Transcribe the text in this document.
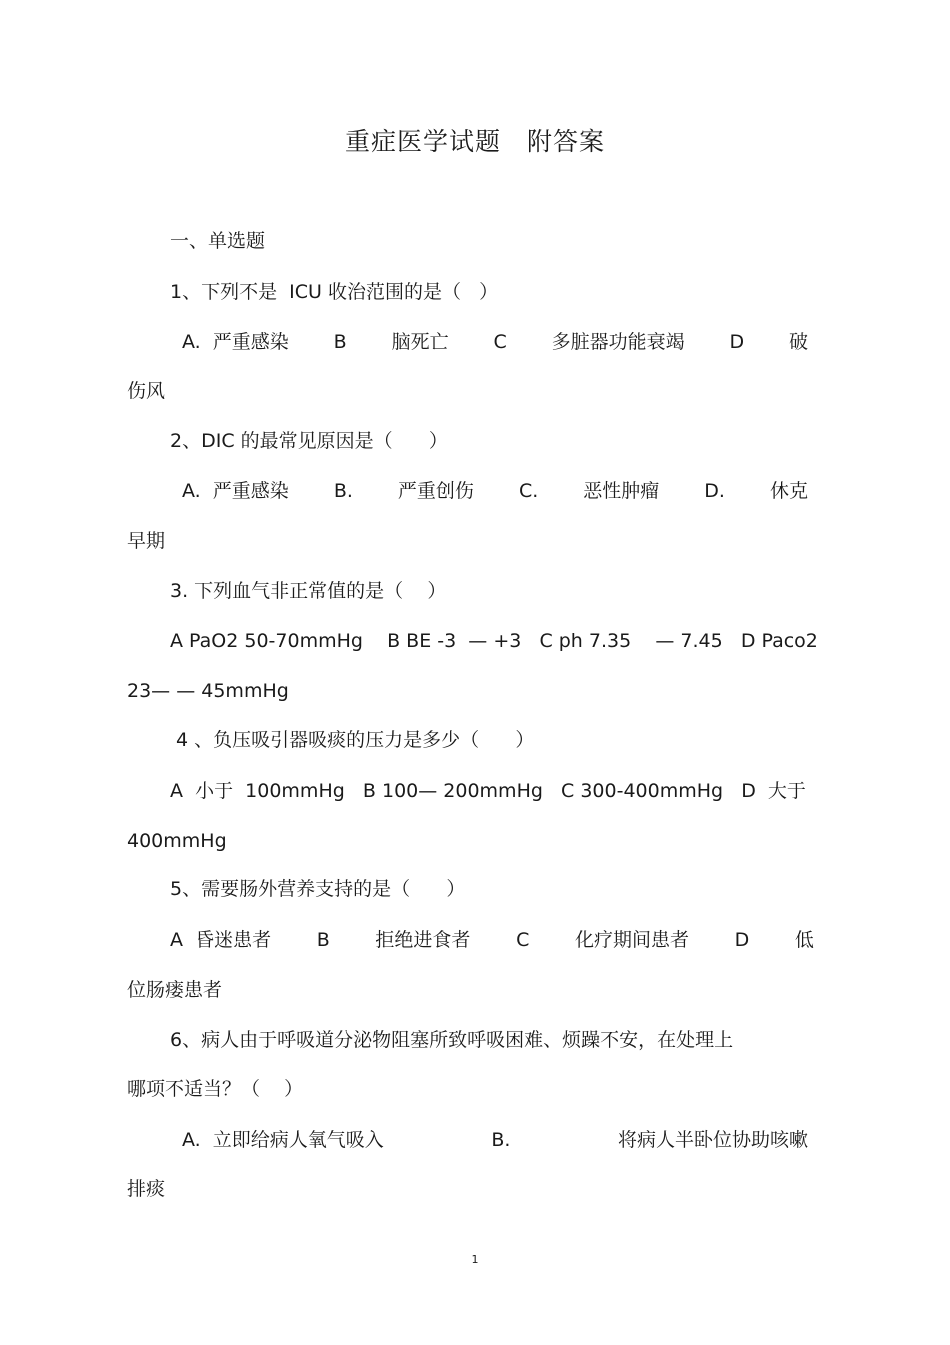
重症医学试题　附答案
一、单选题
1、下列不是  ICU 收治范围的是（   ）
A.  严重感染 B 脑死亡 C 多脏器功能衰竭 D 破
伤风
2、DIC 的最常见原因是（      ）
A.  严重感染 B. 严重创伤 C. 恶性肿瘤 D. 休克
早期
3. 下列血气非正常值的是（    ）
A PaO2 50-70mmHg    B BE -3  — +3   C ph 7.35    — 7.45   D Paco2
23— — 45mmHg
4 、负压吸引器吸痰的压力是多少（      ）
A  小于  100mmHg   B 100— 200mmHg   C 300-400mmHg   D  大于
400mmHg
5、需要肠外营养支持的是（      ）
A  昏迷患者 B 拒绝进食者 C 化疗期间患者 D 低
位肠瘘患者
6、病人由于呼吸道分泌物阻塞所致呼吸困难、烦躁不安，在处理上
哪项不适当？（    ）
A.  立即给病人氧气吸入	B.	将病人半卧位协助咳嗽
排痰
1
